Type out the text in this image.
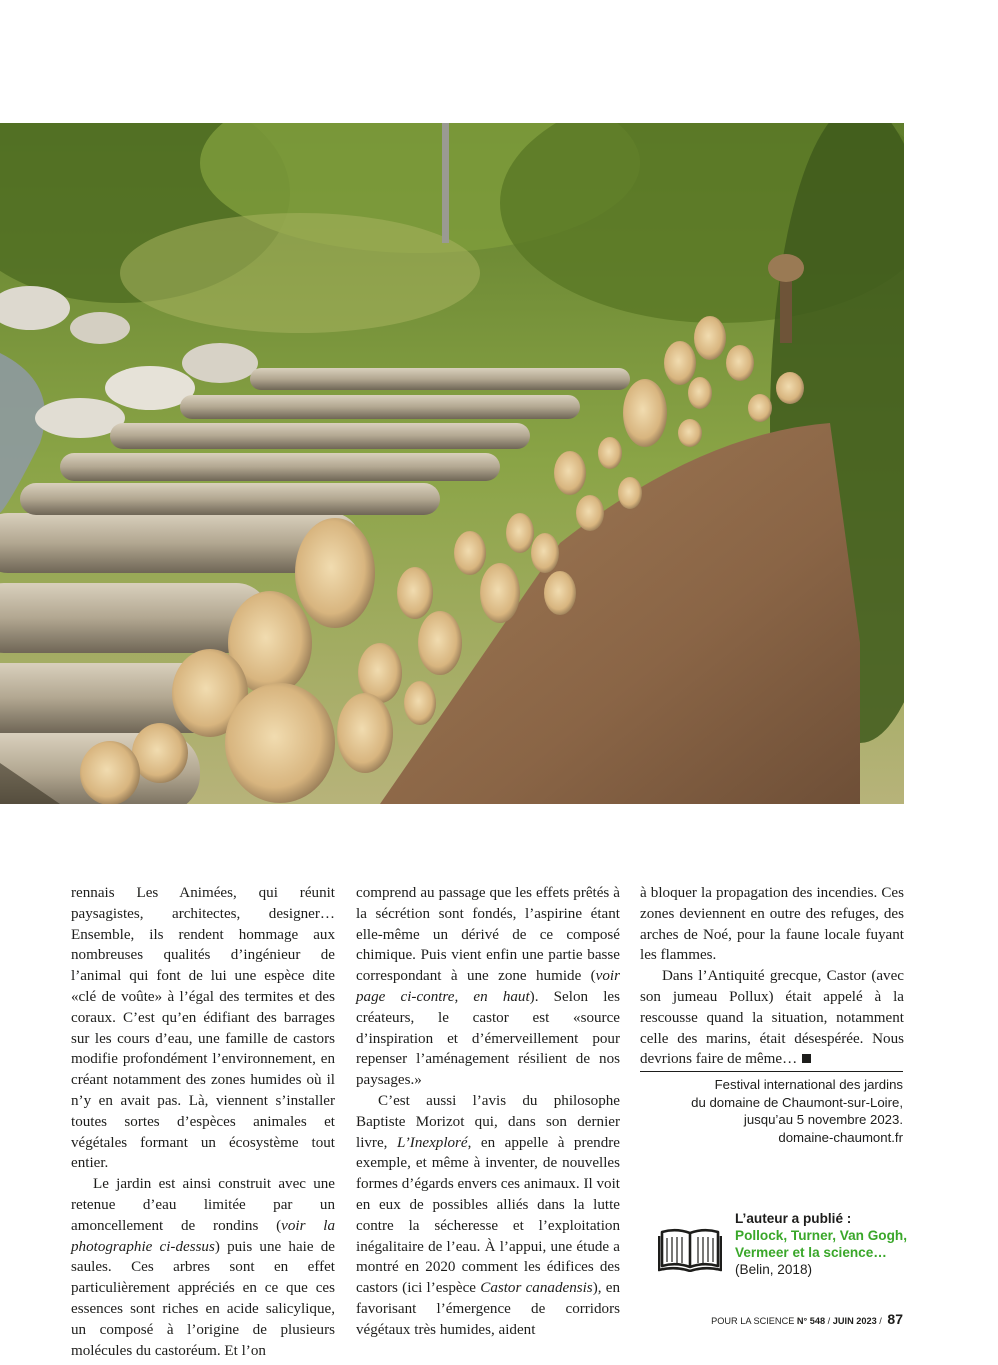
rennais Les Animées, qui réunit paysagistes, architectes, designer… Ensemble, ils rendent hommage aux nombreuses qualités d’ingénieur de l’animal qui font de lui une espèce dite «clé de voûte» à l’égal des termites et des coraux. C’est qu’en édifiant des barrages sur les cours d’eau, une famille de castors modifie profondément l’environnement, en créant notamment des zones humides où il n’y en avait pas. Là, viennent s’installer toutes sortes d’espèces animales et végétales formant un écosystème tout entier.

Le jardin est ainsi construit avec une retenue d’eau limitée par un amoncellement de rondins (voir la photographie ci-dessus) puis une haie de saules. Ces arbres sont en effet particulièrement appréciés en ce que ces essences sont riches en acide salicylique, un composé à l’origine de plusieurs molécules du castoréum. Et l’on

comprend au passage que les effets prêtés à la sécrétion sont fondés, l’aspirine étant elle-même un dérivé de ce composé chimique. Puis vient enfin une partie basse correspondant à une zone humide (voir page ci-contre, en haut). Selon les créateurs, le castor est «source d’inspiration et d’émerveillement pour repenser l’aménagement résilient de nos paysages.»

C’est aussi l’avis du philosophe Baptiste Morizot qui, dans son dernier livre, L’Inexploré, en appelle à prendre exemple, et même à inventer, de nouvelles formes d’égards envers ces animaux. Il voit en eux de possibles alliés dans la lutte contre la sécheresse et l’exploitation inégalitaire de l’eau. À l’appui, une étude a montré en 2020 comment les édifices des castors (ici l’espèce Castor canadensis), en favorisant l’émergence de corridors végétaux très humides, aident

à bloquer la propagation des incendies. Ces zones deviennent en outre des refuges, des arches de Noé, pour la faune locale fuyant les flammes.

Dans l’Antiquité grecque, Castor (avec son jumeau Pollux) était appelé à la rescousse quand la situation, notamment celle des marins, était désespérée. Nous devrions faire de même…

Festival international des jardins
du domaine de Chaumont-sur-Loire,
jusqu’au 5 novembre 2023.
domaine-chaumont.fr
L’auteur a publié :
Pollock, Turner, Van Gogh,
Vermeer et la science…
(Belin, 2018)
POUR LA SCIENCE N° 548 / JUIN 2023 / 87
